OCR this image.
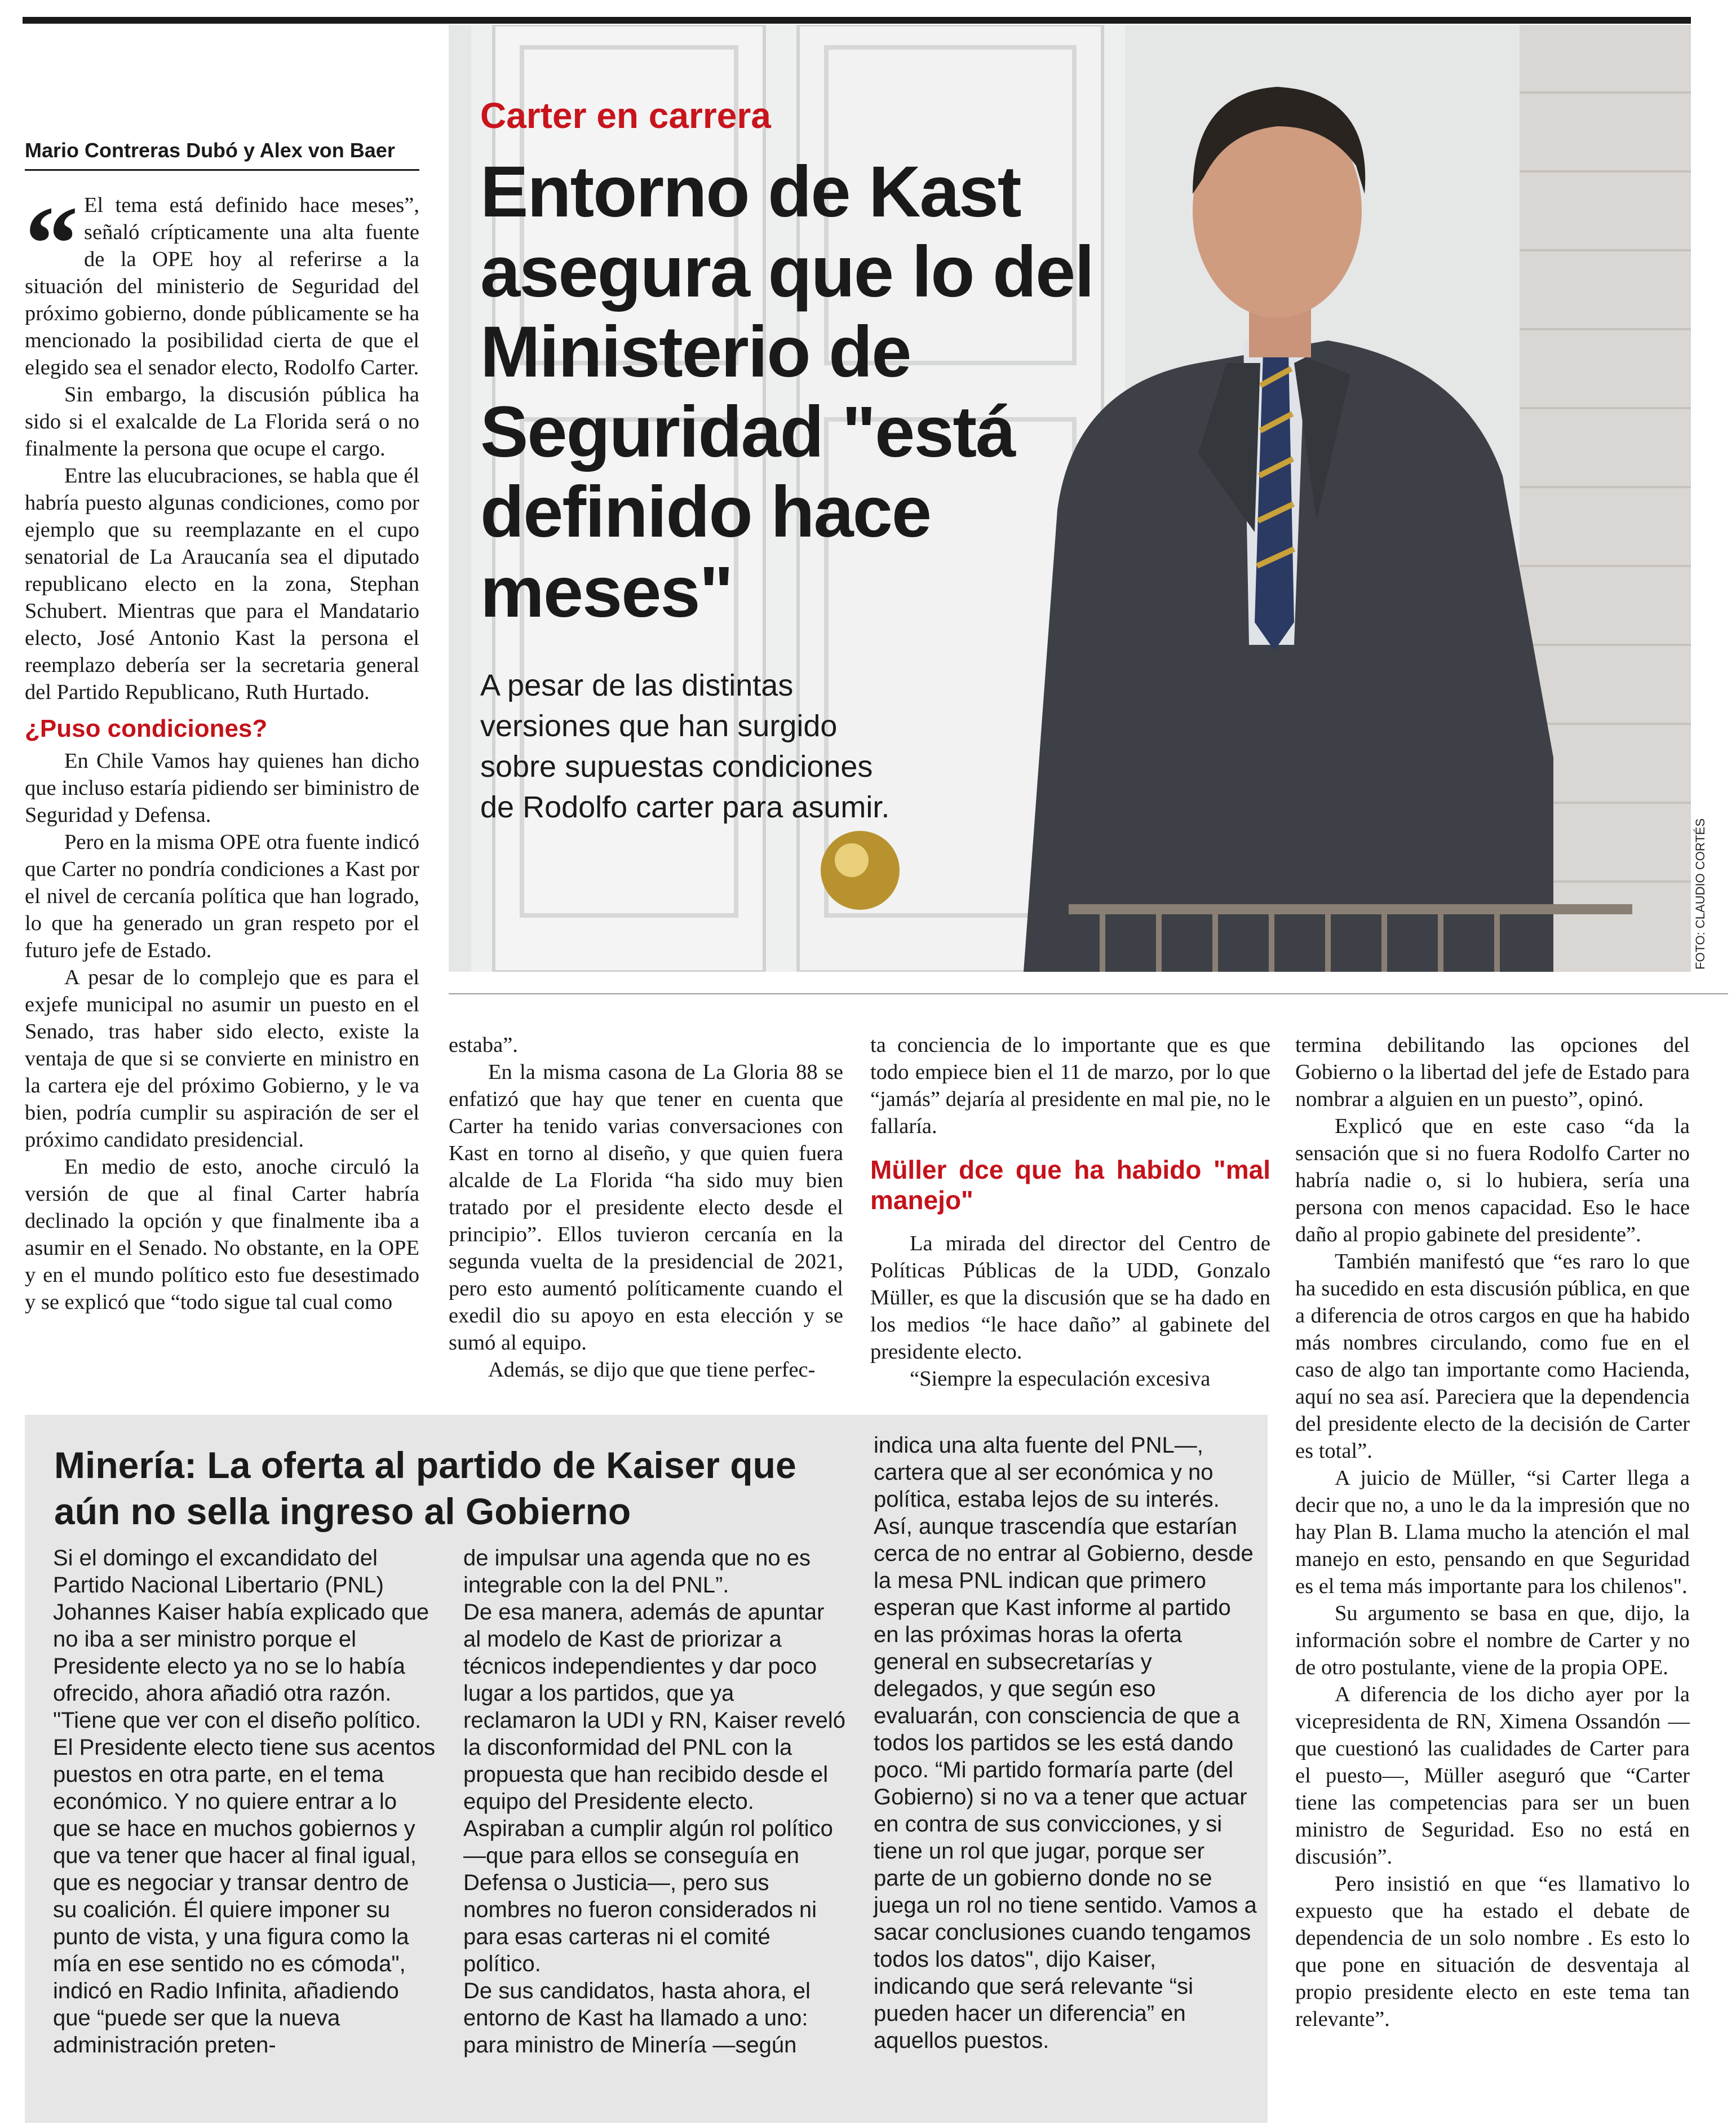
Carter en carrera
Entorno de Kast asegura que lo del Ministerio de Seguridad "está definido hace meses"

A pesar de las distintas versiones que han surgido sobre supuestas condiciones de Rodolfo carter para asumir.

FOTO: CLAUDIO CORTÉS
Mario Contreras Dubó y Alex von Baer
“ El tema está definido hace meses”, señaló crípticamente una alta fuente de la OPE hoy al referirse a la situación del ministerio de Seguridad del próximo gobierno, donde públicamente se ha mencionado la posibilidad cierta de que el elegido sea el senador electo, Rodolfo Carter.

Sin embargo, la discusión pública ha sido si el exalcalde de La Florida será o no finalmente la persona que ocupe el cargo.

Entre las elucubraciones, se habla que él habría puesto algunas condiciones, como por ejemplo que su reemplazante en el cupo senatorial de La Araucanía sea el diputado republicano electo en la zona, Stephan Schubert. Mientras que para el Mandatario electo, José Antonio Kast la persona el reemplazo debería ser la secretaria general del Partido Republicano, Ruth Hurtado.

¿Puso condiciones?

En Chile Vamos hay quienes han dicho que incluso estaría pidiendo ser biministro de Seguridad y Defensa.

Pero en la misma OPE otra fuente indicó que Carter no pondría condiciones a Kast por el nivel de cercanía política que han logrado, lo que ha generado un gran respeto por el futuro jefe de Estado.

A pesar de lo complejo que es para el exjefe municipal no asumir un puesto en el Senado, tras haber sido electo, existe la ventaja de que si se convierte en ministro en la cartera eje del próximo Gobierno, y le va bien, podría cumplir su aspiración de ser el próximo candidato presidencial.

En medio de esto, anoche circuló la versión de que al final Carter habría declinado la opción y que finalmente iba a asumir en el Senado. No obstante, en la OPE y en el mundo político esto fue desestimado y se explicó que “todo sigue tal cual como

estaba”.

En la misma casona de La Gloria 88 se enfatizó que hay que tener en cuenta que Carter ha tenido varias conversaciones con Kast en torno al diseño, y que quien fuera alcalde de La Florida “ha sido muy bien tratado por el presidente electo desde el principio”. Ellos tuvieron cercanía en la segunda vuelta de la presidencial de 2021, pero esto aumentó políticamente cuando el exedil dio su apoyo en esta elección y se sumó al equipo.

Además, se dijo que que tiene perfec-

ta conciencia de lo importante que es que todo empiece bien el 11 de marzo, por lo que “jamás” dejaría al presidente en mal pie, no le fallaría.

Müller dce que ha habido "mal manejo"

La mirada del director del Centro de Políticas Públicas de la UDD, Gonzalo Müller, es que la discusión que se ha dado en los medios “le hace daño” al gabinete del presidente electo.

“Siempre la especulación excesiva

termina debilitando las opciones del Gobierno o la libertad del jefe de Estado para nombrar a alguien en un puesto”, opinó.

Explicó que en este caso “da la sensación que si no fuera Rodolfo Carter no habría nadie o, si lo hubiera, sería una persona con menos capacidad. Eso le hace daño al propio gabinete del presidente”.

También manifestó que “es raro lo que ha sucedido en esta discusión pública, en que a diferencia de otros cargos en que ha habido más nombres circulando, como fue en el caso de algo tan importante como Hacienda, aquí no sea así. Pareciera que la dependencia del presidente electo de la decisión de Carter es total”.

A juicio de Müller, “si Carter llega a decir que no, a uno le da la impresión que no hay Plan B. Llama mucho la atención el mal manejo en esto, pensando en que Seguridad es el tema más importante para los chilenos".

Su argumento se basa en que, dijo, la información sobre el nombre de Carter y no de otro postulante, viene de la propia OPE.

A diferencia de los dicho ayer por la vicepresidenta de RN, Ximena Ossandón —que cuestionó las cualidades de Carter para el puesto—, Müller aseguró que “Carter tiene las competencias para ser un buen ministro de Seguridad. Eso no está en discusión”.

Pero insistió en que “es llamativo lo expuesto que ha estado el debate de dependencia de un solo nombre . Es esto lo que pone en situación de desventaja al propio presidente electo en este tema tan relevante”.

Minería: La oferta al partido de Kaiser que aún no sella ingreso al Gobierno

Si el domingo el excandidato del Partido Nacional Libertario (PNL) Johannes Kaiser había explicado que no iba a ser ministro porque el Presidente electo ya no se lo había ofrecido, ahora añadió otra razón. "Tiene que ver con el diseño político. El Presidente electo tiene sus acentos puestos en otra parte, en el tema económico. Y no quiere entrar a lo que se hace en muchos gobiernos y que va tener que hacer al final igual, que es negociar y transar dentro de su coalición. Él quiere imponer su punto de vista, y una figura como la mía en ese sentido no es cómoda", indicó en Radio Infinita, añadiendo que “puede ser que la nueva administración preten-

de impulsar una agenda que no es integrable con la del PNL”.

De esa manera, además de apuntar al modelo de Kast de priorizar a técnicos independientes y dar poco lugar a los partidos, que ya reclamaron la UDI y RN, Kaiser reveló la disconformidad del PNL con la propuesta que han recibido desde el equipo del Presidente electo. Aspiraban a cumplir algún rol político —que para ellos se conseguía en Defensa o Justicia—, pero sus nombres no fueron considerados ni para esas carteras ni el comité político.

De sus candidatos, hasta ahora, el entorno de Kast ha llamado a uno: para ministro de Minería —según

indica una alta fuente del PNL—, cartera que al ser económica y no política, estaba lejos de su interés.

Así, aunque trascendía que estarían cerca de no entrar al Gobierno, desde la mesa PNL indican que primero esperan que Kast informe al partido en las próximas horas la oferta general en subsecretarías y delegados, y que según eso evaluarán, con consciencia de que a todos los partidos se les está dando poco. “Mi partido formaría parte (del Gobierno) si no va a tener que actuar en contra de sus convicciones, y si tiene un rol que jugar, porque ser parte de un gobierno donde no se juega un rol no tiene sentido. Vamos a sacar conclusiones cuando tengamos todos los datos", dijo Kaiser, indicando que será relevante “si pueden hacer un diferencia” en aquellos puestos.
